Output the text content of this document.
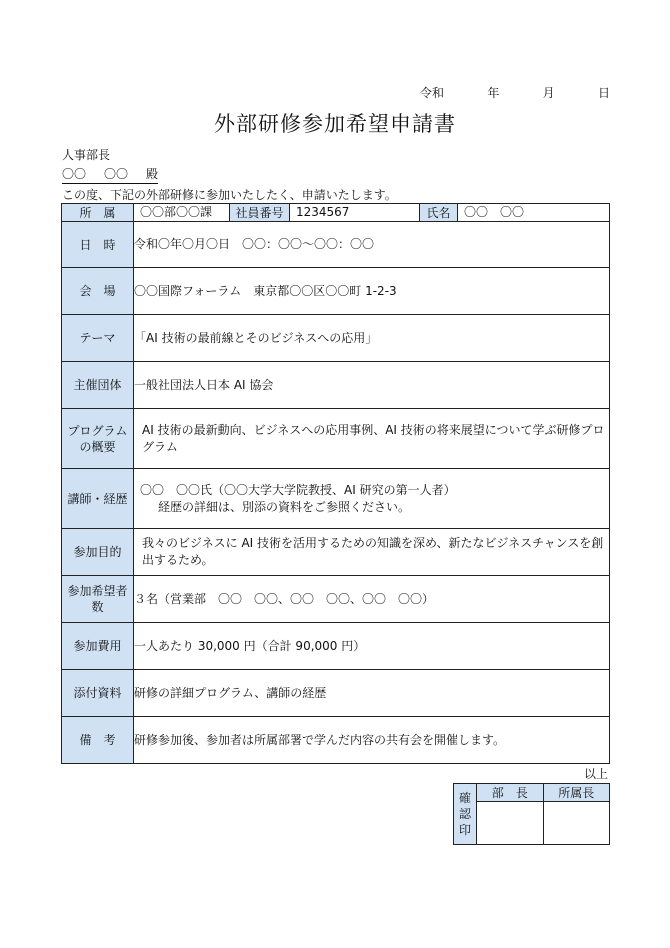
令和	年	月	日
外部研修参加希望申請書
人事部長
〇〇 〇〇 殿
この度、下記の外部研修に参加いたしたく、申請いたします。
所　属	〇〇部〇〇課	社員番号	1234567	氏名	〇〇　〇〇
日　時	令和〇年〇月〇日　〇〇：〇〇～〇〇：〇〇				

会　場	〇〇国際フォーラム　東京都〇〇区〇〇町 1-2-3				

テーマ	「AI 技術の最前線とそのビジネスへの応用」				

主催団体	一般社団法人日本 AI 協会				

プログラム
の概要	AI 技術の最新動向、ビジネスへの応用事例、AI 技術の将来展望について学ぶ研修プログラム				

講師・経歴	〇〇　〇〇氏（〇〇大学大学院教授、AI 研究の第一人者）
経歴の詳細は、別添の資料をご参照ください。				

参加目的	我々のビジネスに AI 技術を活用するための知識を深め、新たなビジネスチャンスを創出するため。				

参加希望者
数	３名（営業部　〇〇　〇〇、〇〇　〇〇、〇〇　〇〇）				

参加費用	一人あたり 30,000 円（合計 90,000 円）				

添付資料	研修の詳細プログラム、講師の経歴				

備　考	研修参加後、参加者は所属部署で学んだ内容の共有会を開催します。				
以上
確
認
印	部　長	所属長
